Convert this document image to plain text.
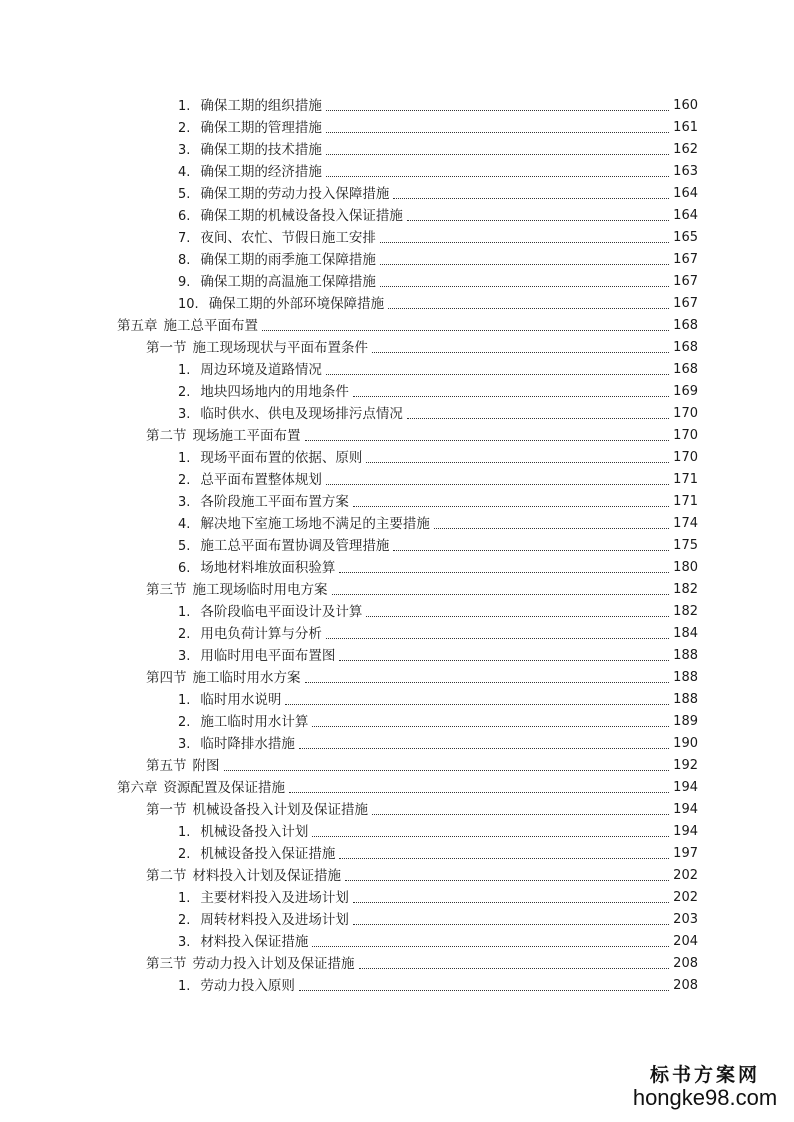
1. 确保工期的组织措施	160
2. 确保工期的管理措施	161
3. 确保工期的技术措施	162
4. 确保工期的经济措施	163
5. 确保工期的劳动力投入保障措施	164
6. 确保工期的机械设备投入保证措施	164
7. 夜间、农忙、节假日施工安排	165
8. 确保工期的雨季施工保障措施	167
9. 确保工期的高温施工保障措施	167
10. 确保工期的外部环境保障措施	167
第五章 施工总平面布置	168
第一节 施工现场现状与平面布置条件	168
1. 周边环境及道路情况	168
2. 地块四场地内的用地条件	169
3. 临时供水、供电及现场排污点情况	170
第二节 现场施工平面布置	170
1. 现场平面布置的依据、原则	170
2. 总平面布置整体规划	171
3. 各阶段施工平面布置方案	171
4. 解决地下室施工场地不满足的主要措施	174
5. 施工总平面布置协调及管理措施	175
6. 场地材料堆放面积验算	180
第三节 施工现场临时用电方案	182
1. 各阶段临电平面设计及计算	182
2. 用电负荷计算与分析	184
3. 用临时用电平面布置图	188
第四节 施工临时用水方案	188
1. 临时用水说明	188
2. 施工临时用水计算	189
3. 临时降排水措施	190
第五节 附图	192
第六章 资源配置及保证措施	194
第一节 机械设备投入计划及保证措施	194
1. 机械设备投入计划	194
2. 机械设备投入保证措施	197
第二节 材料投入计划及保证措施	202
1. 主要材料投入及进场计划	202
2. 周转材料投入及进场计划	203
3. 材料投入保证措施	204
第三节 劳动力投入计划及保证措施	208
1. 劳动力投入原则	208
标书方案网
hongke98.com
